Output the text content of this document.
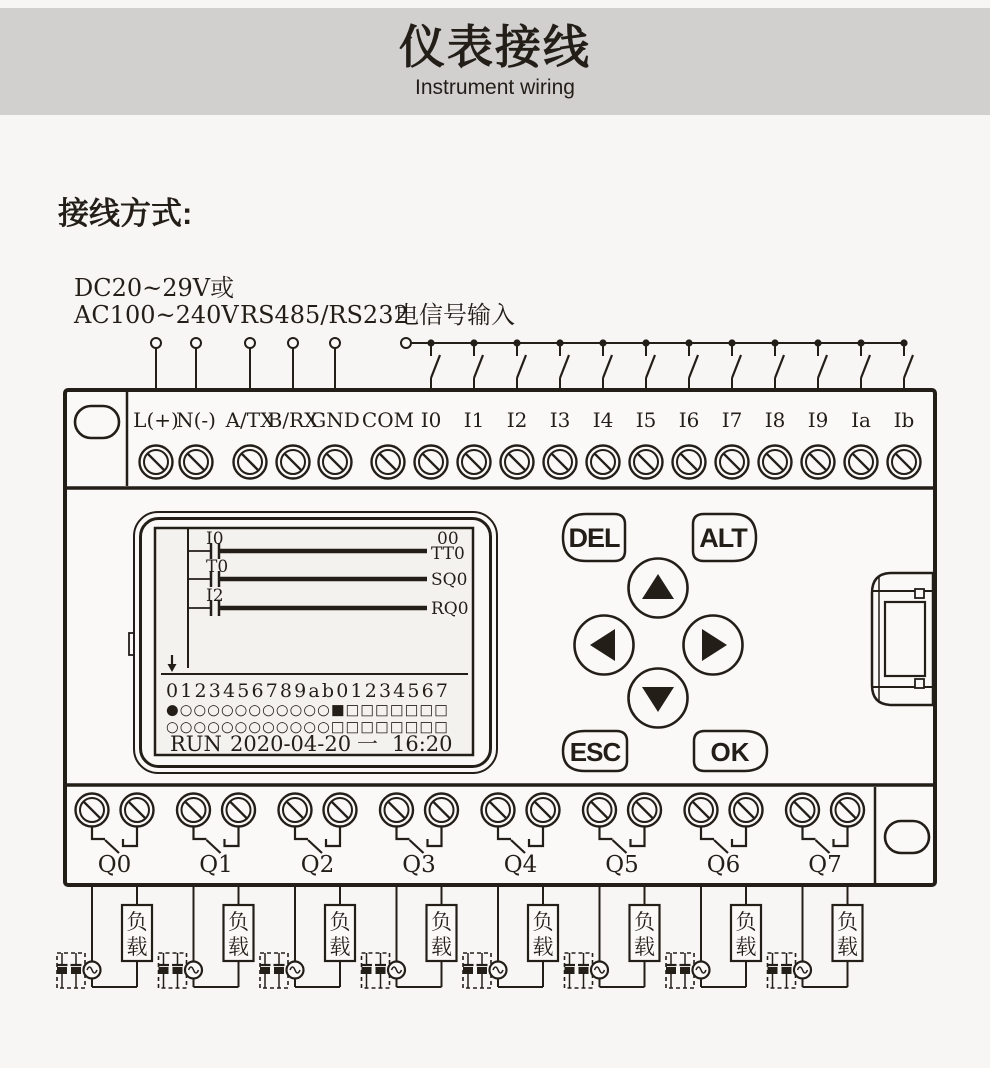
仪表接线
Instrument wiring
接线方式:
DC20~29V或
AC100~240V RS485/RS232
电信号输入
负
载
负
载
负
载
负
载
负
载
负
载
负
载
负
载
L(+)
N(-) A/TX
B/RX
GND COM I0 I1 I2 I3 I4 I5 I6 I7 I8 I9 Ia Ib
Q0	Q1	Q2	Q3	Q4	Q5	Q6	Q7
I0	00
TT0
T0
SQ0
I2
RQ0
0123456789ab01234567
●○○○○○○○○○○○■□□□□□□□
○○○○○○○○○○○○□□□□□□□□
RUN 2020-04-20 一 16:20
DEL	ALT
ESC	OK
